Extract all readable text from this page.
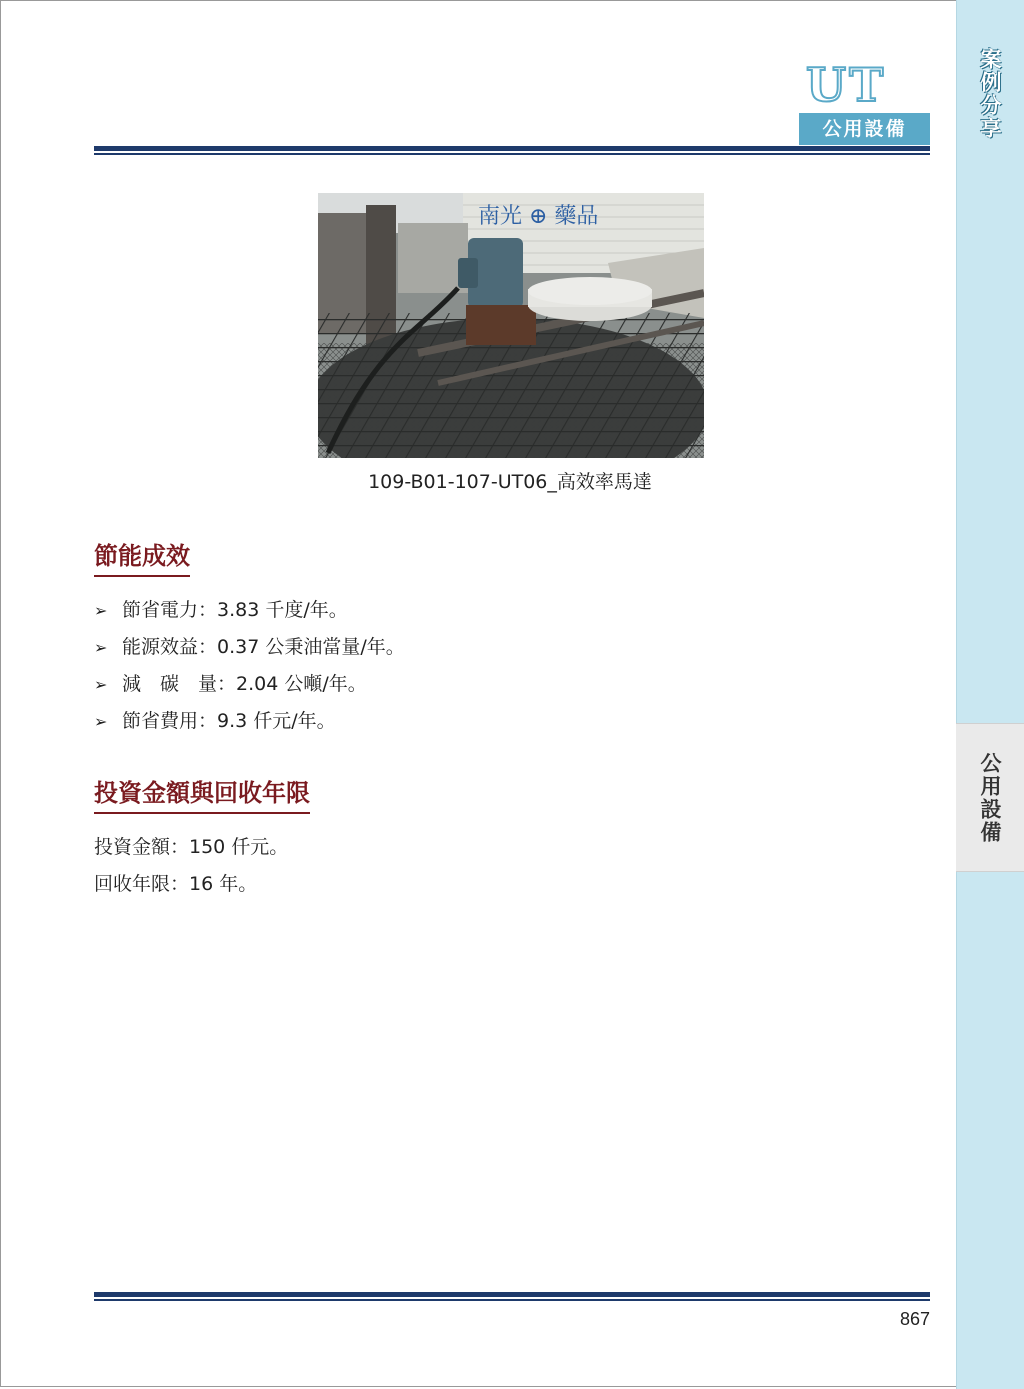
案例分享
公用設備
UT
公用設備
南光 ⊕ 藥品
109-B01-107-UT06_高效率馬達
節能成效
➢ 節省電力：3.83 千度/年。
➢ 能源效益：0.37 公秉油當量/年。
➢ 減　碳　量：2.04 公噸/年。
➢ 節省費用：9.3 仟元/年。
投資金額與回收年限
投資金額：150 仟元。
回收年限：16 年。
867
